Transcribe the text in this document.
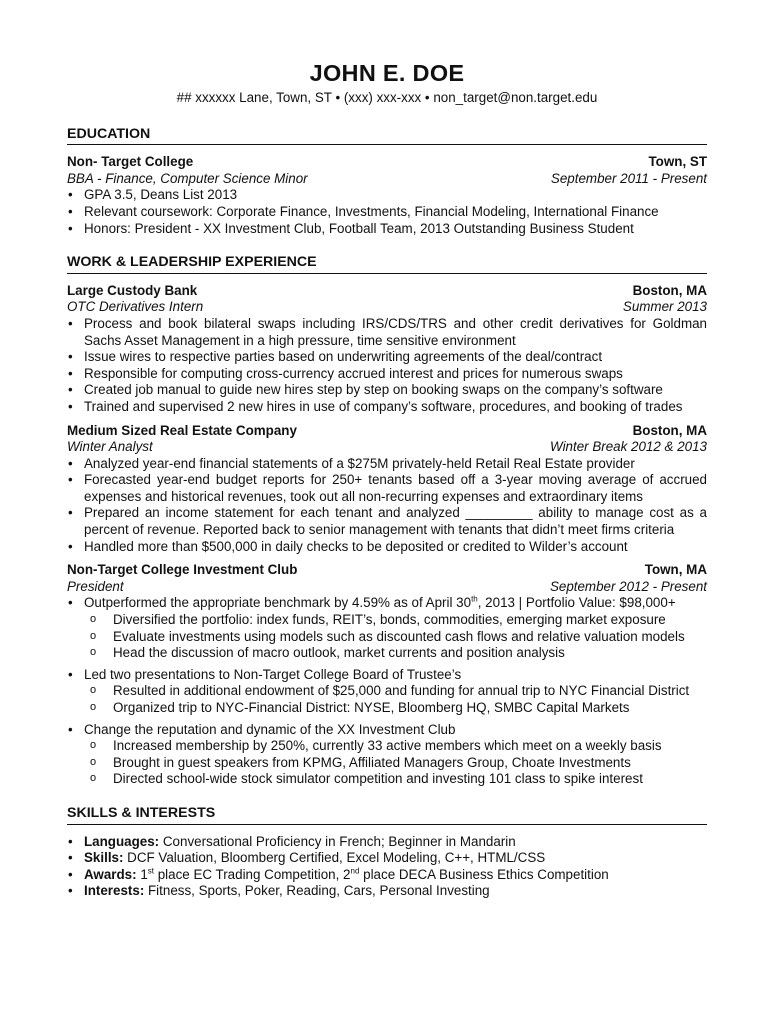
JOHN E. DOE
## xxxxxx Lane, Town, ST • (xxx) xxx-xxx • non_target@non.target.edu
EDUCATION
Non- Target College	Town, ST
BBA - Finance, Computer Science Minor	September 2011 - Present
• GPA 3.5, Deans List 2013
• Relevant coursework: Corporate Finance, Investments, Financial Modeling, International Finance
• Honors: President - XX Investment Club, Football Team, 2013 Outstanding Business Student
WORK & LEADERSHIP EXPERIENCE
Large Custody Bank	Boston, MA
OTC Derivatives Intern	Summer 2013
• Process and book bilateral swaps including IRS/CDS/TRS and other credit derivatives for Goldman Sachs Asset Management in a high pressure, time sensitive environment
• Issue wires to respective parties based on underwriting agreements of the deal/contract
• Responsible for computing cross-currency accrued interest and prices for numerous swaps
• Created job manual to guide new hires step by step on booking swaps on the company’s software
• Trained and supervised 2 new hires in use of company’s software, procedures, and booking of trades
Medium Sized Real Estate Company	Boston, MA
Winter Analyst	Winter Break 2012 & 2013
• Analyzed year-end financial statements of a $275M privately-held Retail Real Estate provider
• Forecasted year-end budget reports for 250+ tenants based off a 3-year moving average of accrued expenses and historical revenues, took out all non-recurring expenses and extraordinary items
• Prepared an income statement for each tenant and analyzed _________ ability to manage cost as a percent of revenue. Reported back to senior management with tenants that didn’t meet firms criteria
• Handled more than $500,000 in daily checks to be deposited or credited to Wilder’s account
Non-Target College Investment Club	Town, MA
President	September 2012 - Present
• Outperformed the appropriate benchmark by 4.59% as of April 30th, 2013 | Portfolio Value: $98,000+
o Diversified the portfolio: index funds, REIT’s, bonds, commodities, emerging market exposure
o Evaluate investments using models such as discounted cash flows and relative valuation models
o Head the discussion of macro outlook, market currents and position analysis
• Led two presentations to Non-Target College Board of Trustee’s
o Resulted in additional endowment of $25,000 and funding for annual trip to NYC Financial District
o Organized trip to NYC-Financial District: NYSE, Bloomberg HQ, SMBC Capital Markets
• Change the reputation and dynamic of the XX Investment Club
o Increased membership by 250%, currently 33 active members which meet on a weekly basis
o Brought in guest speakers from KPMG, Affiliated Managers Group, Choate Investments
o Directed school-wide stock simulator competition and investing 101 class to spike interest
SKILLS & INTERESTS
• Languages: Conversational Proficiency in French; Beginner in Mandarin
• Skills: DCF Valuation, Bloomberg Certified, Excel Modeling, C++, HTML/CSS
• Awards: 1st place EC Trading Competition, 2nd place DECA Business Ethics Competition
• Interests: Fitness, Sports, Poker, Reading, Cars, Personal Investing
